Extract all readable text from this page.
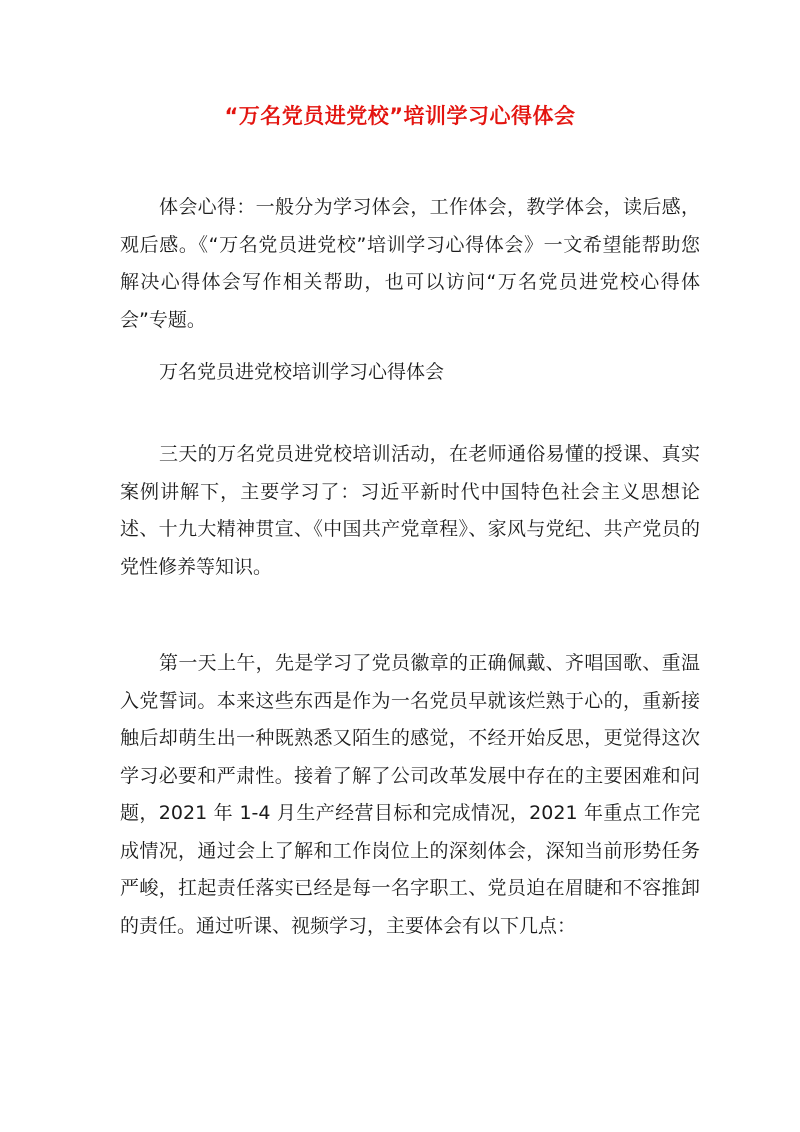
“万名党员进党校”培训学习心得体会

体会心得：一般分为学习体会，工作体会，教学体会，读后感，观后感。《“万名党员进党校”培训学习心得体会》一文希望能帮助您解决心得体会写作相关帮助，也可以访问“万名党员进党校心得体会”专题。

万名党员进党校培训学习心得体会

三天的万名党员进党校培训活动，在老师通俗易懂的授课、真实案例讲解下，主要学习了：习近平新时代中国特色社会主义思想论述、十九大精神贯宣、《中国共产党章程》、家风与党纪、共产党员的党性修养等知识。

第一天上午，先是学习了党员徽章的正确佩戴、齐唱国歌、重温入党誓词。本来这些东西是作为一名党员早就该烂熟于心的，重新接触后却萌生出一种既熟悉又陌生的感觉，不经开始反思，更觉得这次学习必要和严肃性。接着了解了公司改革发展中存在的主要困难和问题，2021 年 1-4 月生产经营目标和完成情况，2021 年重点工作完成情况，通过会上了解和工作岗位上的深刻体会，深知当前形势任务严峻，扛起责任落实已经是每一名字职工、党员迫在眉睫和不容推卸的责任。通过听课、视频学习，主要体会有以下几点：
